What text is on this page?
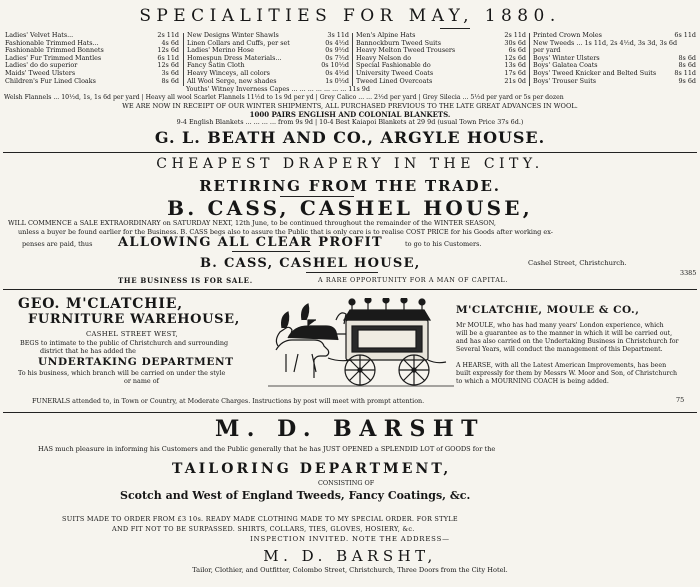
SPECIALITIES FOR MAY, 1880.
Ladies' Velvet Hats...	2s 11d
Fashionable Trimmed Hats...	4s 6d
Fashionable Trimmed Bonnets	12s 6d
Ladies' Fur Trimmed Mantles	6s 11d
Ladies' do do superior	12s 6d
Maids' Tweed Ulsters	3s 6d
Children's Fur Lined Cloaks	8s 6d
New Designs Winter Shawls	3s 11d
Linen Collars and Cuffs, per set	0s 4½d
Ladies' Merino Hose	0s 9½d
Homespun Dress Materials...	0s 7½d
Fancy Satin Cloth	0s 10½d
Heavy Winceys, all colors	0s 4½d
All Wool Serge, new shades	1s 0½d
Men's Alpine Hats	2s 11d
Bannockburn Tweed Suits	30s 6d
Heavy Melton Tweed Trousers	6s 6d
Heavy Nelson do	12s 6d
Special Fashionable do	13s 6d
University Tweed Coats	17s 6d
Tweed Lined Overcoats	21s 0d
Printed Crown Moles	6s 11d
New Tweeds ... 1s 11d, 2s 4½d, 3s 3d, 3s 6d
per yard
Boys' Winter Ulsters	8s 6d
Boys' Galatea Coats	8s 6d
Boys' Tweed Knicker and Belted Suits	8s 11d
Boys' Trouser Suits	9s 6d
Youths' Witney Inverness Capes ... ... ... ... ... ... ... 11s 9d
Welsh Flannels ... 10½d, 1s, 1s 6d per yard | Heavy all wool Scarlet Flannels 11½d to 1s 9d per yd | Grey Calico ... ... 2½d per yard | Grey Silecia ... 5½d per yard or 5s per dozen
WE ARE NOW IN RECEIPT OF OUR WINTER SHIPMENTS, ALL PURCHASED PREVIOUS TO THE LATE GREAT ADVANCES IN WOOL.
1000 PAIRS ENGLISH AND COLONIAL BLANKETS.
9-4 English Blankets ... ... ... ... from 9s 9d | 10-4 Best Kaiapoi Blankets at 29 9d (usual Town Price 37s 6d.)
G. L. BEATH AND CO., ARGYLE HOUSE.
CHEAPEST DRAPERY IN THE CITY.
RETIRING FROM THE TRADE.
B. CASS, CASHEL HOUSE,
WILL COMMENCE a SALE EXTRAORDINARY on SATURDAY NEXT, 12th June, to be continued throughout the remainder of the WINTER SEASON,
unless a buyer be found earlier for the Business. B. CASS begs also to assure the Public that is only care is to realise COST PRICE for his Goods after working ex-
penses are paid, thus ALLOWING ALL CLEAR PROFIT	to go to his Customers.
B. CASS, CASHEL HOUSE,	Cashel Street, Christchurch.
THE BUSINESS IS FOR SALE.	A RARE OPPORTUNITY FOR A MAN OF CAPITAL.
3385
GEO. M'CLATCHIE,
FURNITURE WAREHOUSE,
CASHEL STREET WEST,
BEGS to intimate to the public of Christchurch and surrounding
district that he has added the
UNDERTAKING DEPARTMENT
To his business, which branch will be carried on under the style
or name of
M'CLATCHIE, MOULE & CO.,
Mr MOULE, who has had many years' London experience, which
will be a guarantee as to the manner in which it will be carried out,
and has also carried on the Undertaking Business in Christchurch for
Several Years, will conduct the management of this Department.
A HEARSE, with all the Latest American Improvements, has been
built expressly for them by Messrs W. Moor and Son, of Christchurch
to which a MOURNING COACH is being added.
FUNERALS attended to, in Town or Country, at Moderate Charges. Instructions by post will meet with prompt attention.	75
M. D. BARSHT
HAS much pleasure in informing his Customers and the Public generally that he has JUST OPENED a SPLENDID LOT of GOODS for the
TAILORING DEPARTMENT,
CONSISTING OF
Scotch and West of England Tweeds, Fancy Coatings, &c.
SUITS MADE TO ORDER FROM £3 10s. READY MADE CLOTHING MADE TO MY SPECIAL ORDER. FOR STYLE
AND FIT NOT TO BE SURPASSED. SHIRTS, COLLARS, TIES, GLOVES, HOSIERY, &c.
INSPECTION INVITED. NOTE THE ADDRESS—
M. D. BARSHT,
Tailor, Clothier, and Outfitter, Colombo Street, Christchurch, Three Doors from the City Hotel.
